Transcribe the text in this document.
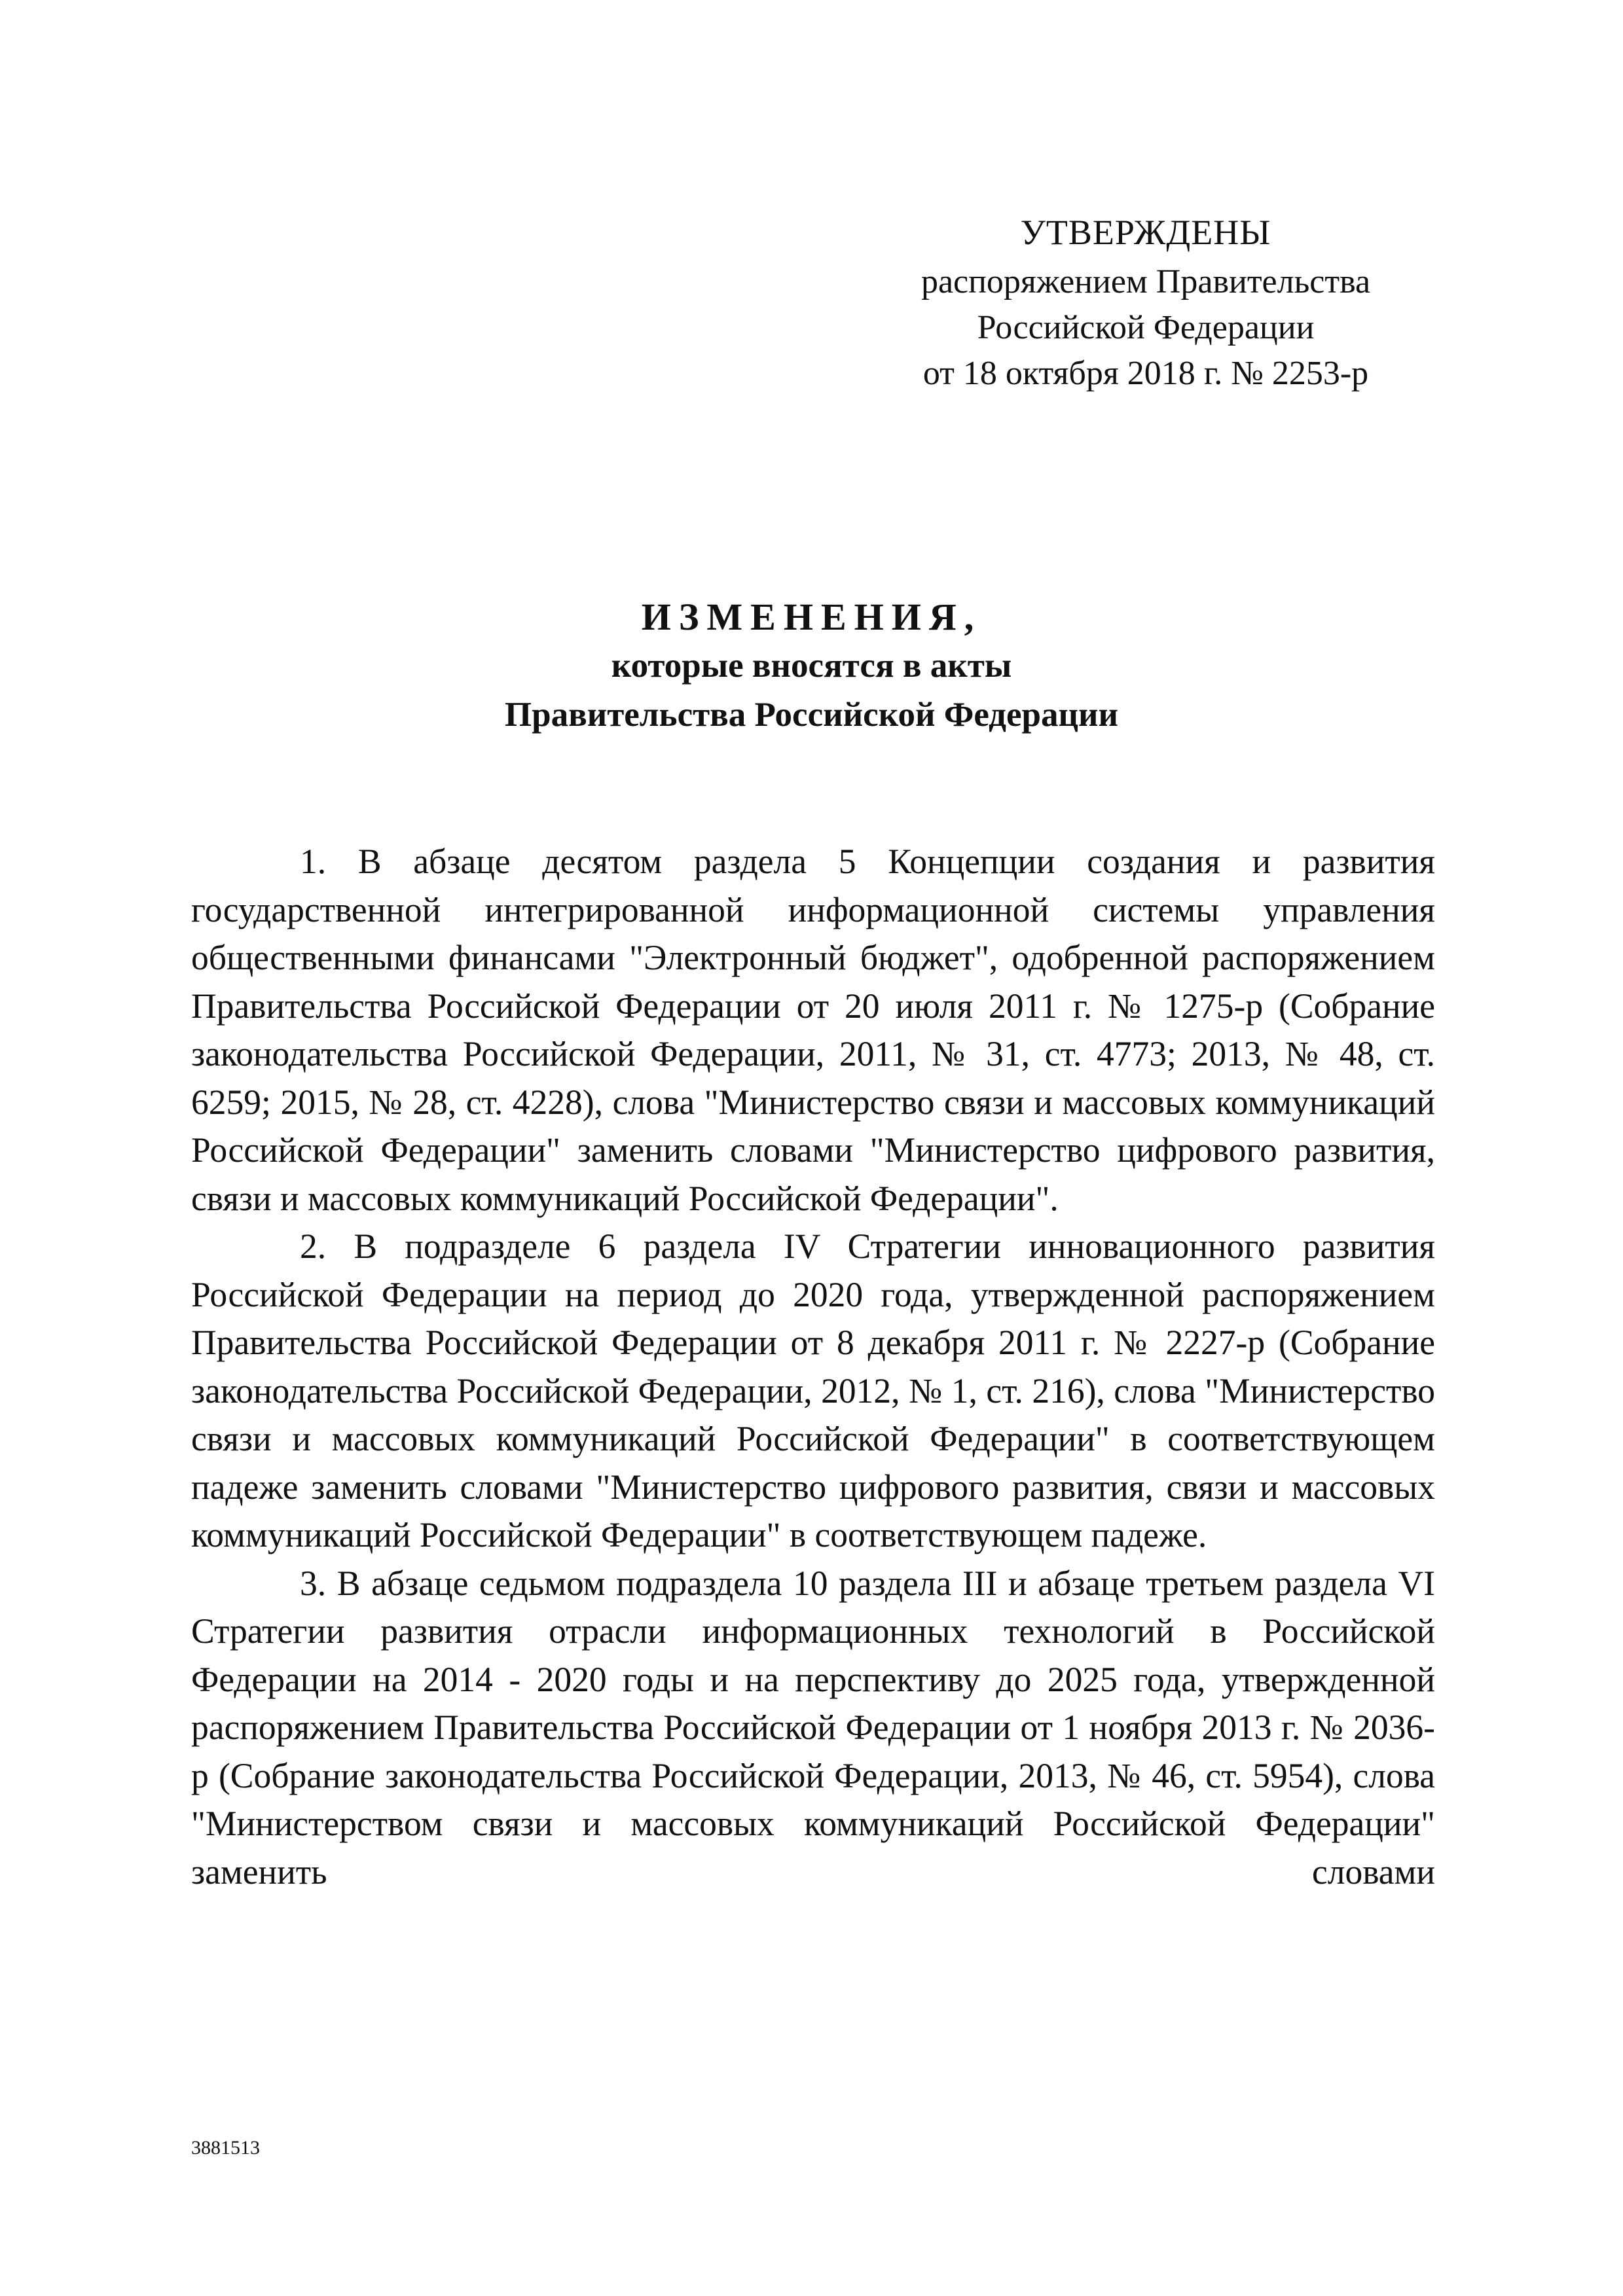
УТВЕРЖДЕНЫ
распоряжением Правительства
Российской Федерации
от 18 октября 2018 г. № 2253-р
ИЗМЕНЕНИЯ,
которые вносятся в акты
Правительства Российской Федерации

1. В абзаце десятом раздела 5 Концепции создания и развития государственной интегрированной информационной системы управления общественными финансами "Электронный бюджет", одобренной распоряжением Правительства Российской Федерации от 20 июля 2011 г. № 1275-р (Собрание законодательства Российской Федерации, 2011, № 31, ст. 4773; 2013, № 48, ст. 6259; 2015, № 28, ст. 4228), слова "Министерство связи и массовых коммуникаций Российской Федерации" заменить словами "Министерство цифрового развития, связи и массовых коммуникаций Российской Федерации".

2. В подразделе 6 раздела IV Стратегии инновационного развития Российской Федерации на период до 2020 года, утвержденной распоряжением Правительства Российской Федерации от 8 декабря 2011 г. № 2227-р (Собрание законодательства Российской Федерации, 2012, № 1, ст. 216), слова "Министерство связи и массовых коммуникаций Российской Федерации" в соответствующем падеже заменить словами "Министерство цифрового развития, связи и массовых коммуникаций Российской Федерации" в соответствующем падеже.

3. В абзаце седьмом подраздела 10 раздела III и абзаце третьем раздела VI Стратегии развития отрасли информационных технологий в Российской Федерации на 2014 - 2020 годы и на перспективу до 2025 года, утвержденной распоряжением Правительства Российской Федерации от 1 ноября 2013 г. № 2036-р (Собрание законодательства Российской Федерации, 2013, № 46, ст. 5954), слова "Министерством связи и массовых коммуникаций Российской Федерации" заменить словами

3881513
